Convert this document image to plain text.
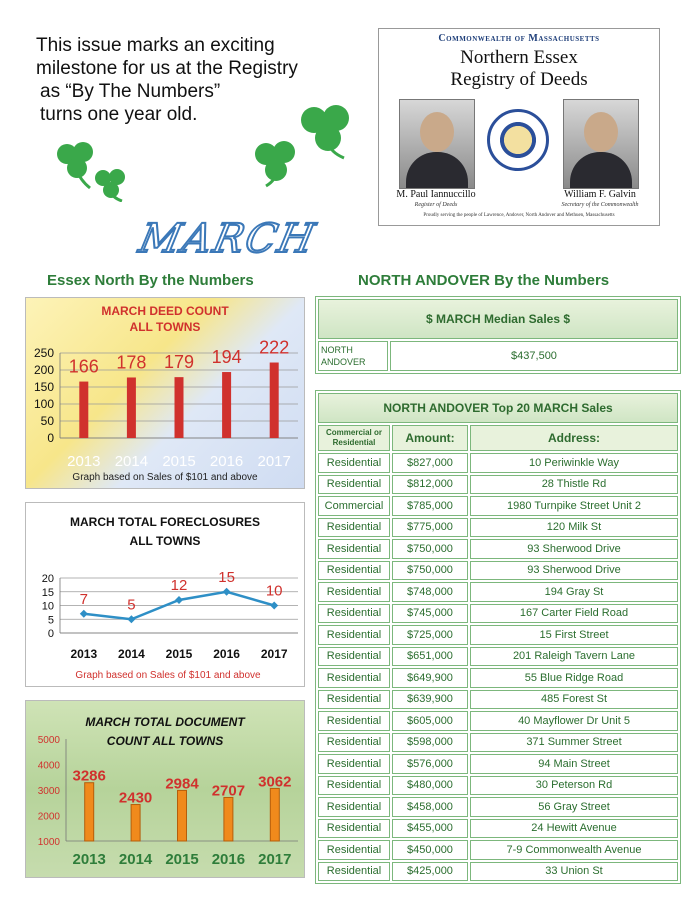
This issue marks an exciting
milestone for us at the Registry
as “By The Numbers”
turns one year old.

MARCH
Commonwealth of Massachusetts
Northern Essex
Registry of Deeds
M. Paul Iannuccillo
Register of Deeds
William F. Galvin
Secretary of the Commonwealth
Proudly serving the people of Lawrence, Andover, North Andover and Methuen, Massachusetts
Essex North By the Numbers	NORTH ANDOVER By the Numbers
MARCH DEED COUNT
ALL TOWNS
Graph based on Sales of $101 and above
0
50
100
150
200
250
166
2013
178
2014
179
2015
194
2016
222
2017
MARCH TOTAL FORECLOSURES
ALL TOWNS
Graph based on Sales of $101 and above
0
5
10
15
20
7
2013
5
2014
12
2015
15
2016
10
2017
MARCH TOTAL DOCUMENT
COUNT ALL TOWNS
1000
2000
3000
4000
5000
3286
2013
2430
2014
2984
2015
2707
2016
3062
2017
$ MARCH Median Sales $

NORTH
ANDOVER	$437,500
NORTH ANDOVER Top 20 MARCH Sales		

Commercial or
Residential	Amount:	Address:
Residential	$827,000	10 Periwinkle Way
Residential	$812,000	28 Thistle Rd
Commercial	$785,000	1980 Turnpike Street Unit 2
Residential	$775,000	120 Milk St
Residential	$750,000	93 Sherwood Drive
Residential	$750,000	93 Sherwood Drive
Residential	$748,000	194 Gray St
Residential	$745,000	167 Carter Field Road
Residential	$725,000	15 First Street
Residential	$651,000	201 Raleigh Tavern Lane
Residential	$649,900	55 Blue Ridge Road
Residential	$639,900	485 Forest St
Residential	$605,000	40 Mayflower Dr Unit 5
Residential	$598,000	371 Summer Street
Residential	$576,000	94 Main Street
Residential	$480,000	30 Peterson Rd
Residential	$458,000	56 Gray Street
Residential	$455,000	24 Hewitt Avenue
Residential	$450,000	7-9 Commonwealth Avenue
Residential	$425,000	33 Union St
